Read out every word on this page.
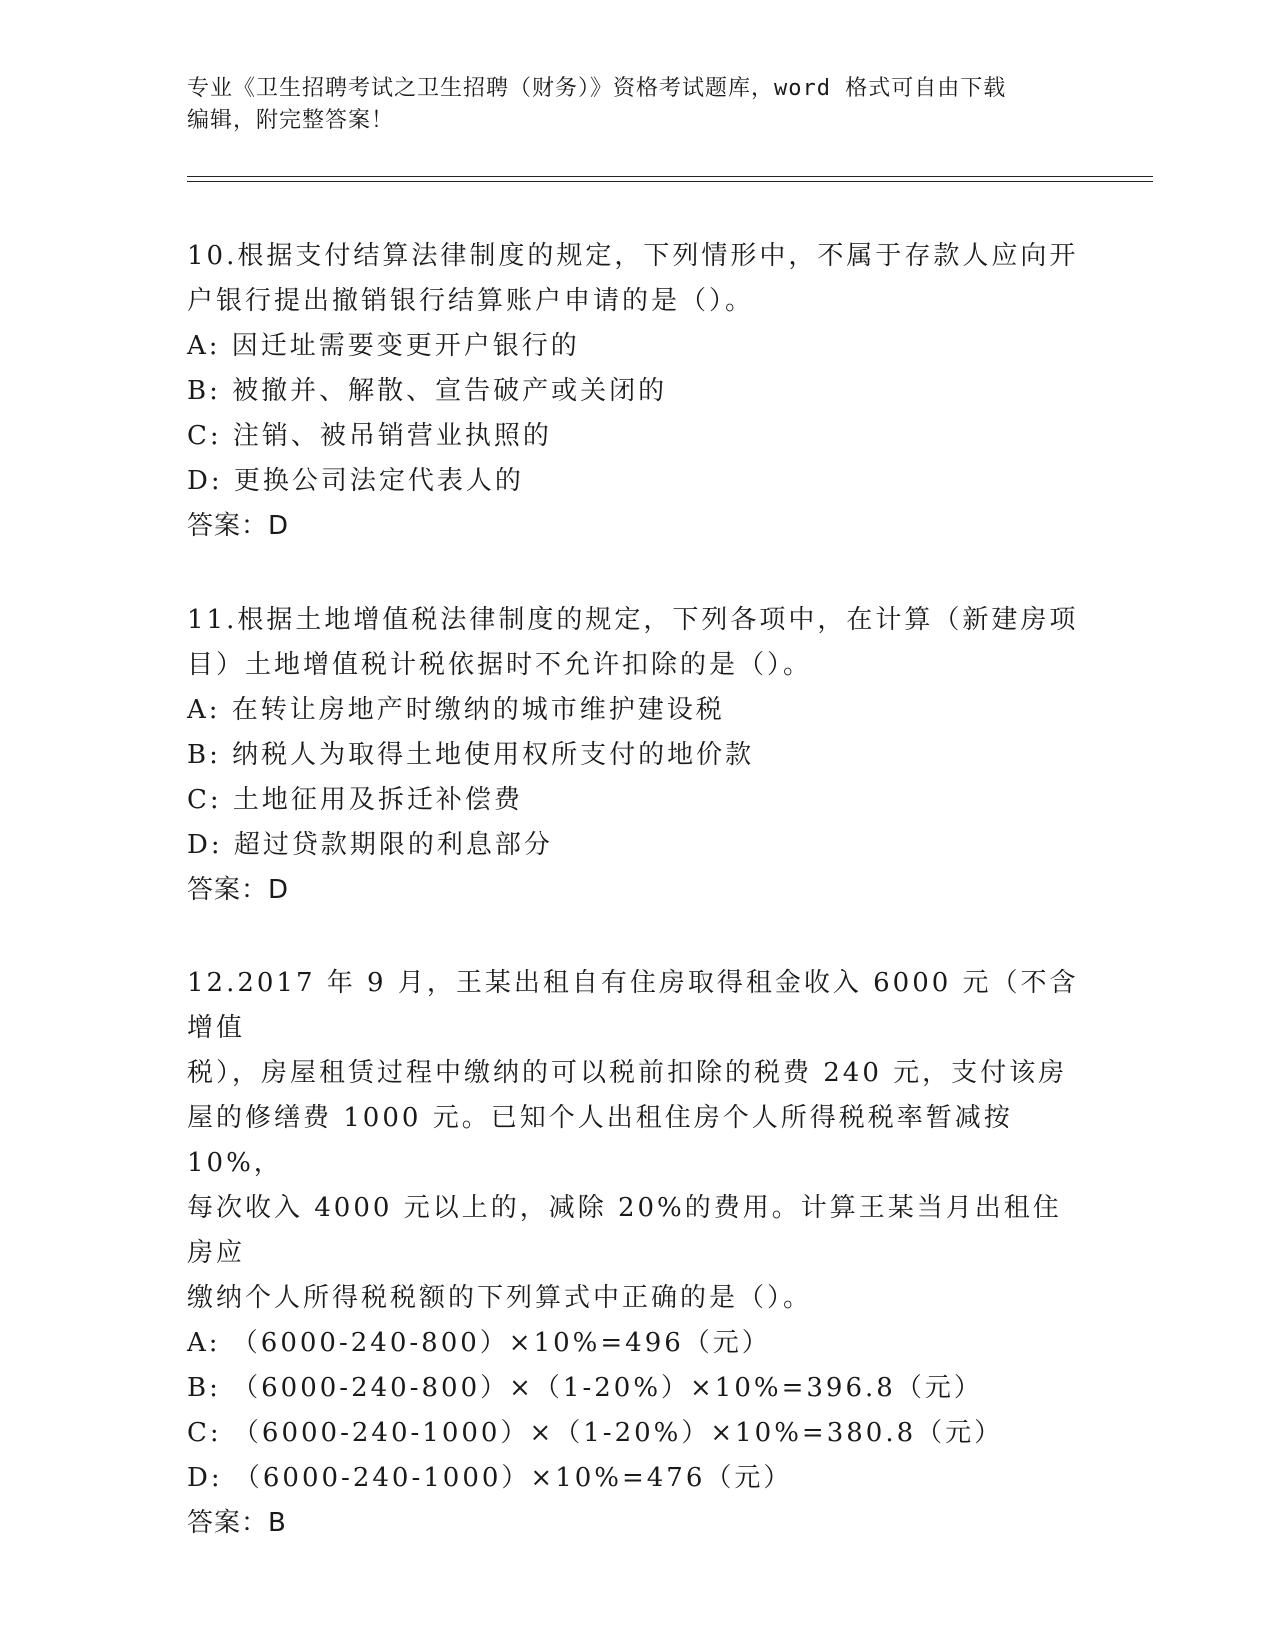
专业《卫生招聘考试之卫生招聘（财务）》资格考试题库，word 格式可自由下载
编辑，附完整答案！

10.根据支付结算法律制度的规定，下列情形中，不属于存款人应向开

户银行提出撤销银行结算账户申请的是（）。

A: 因迁址需要变更开户银行的

B: 被撤并、解散、宣告破产或关闭的

C: 注销、被吊销营业执照的

D: 更换公司法定代表人的

答案：D

11.根据土地增值税法律制度的规定，下列各项中，在计算（新建房项

目）土地增值税计税依据时不允许扣除的是（）。

A: 在转让房地产时缴纳的城市维护建设税

B: 纳税人为取得土地使用权所支付的地价款

C: 土地征用及拆迁补偿费

D: 超过贷款期限的利息部分

答案：D

12.2017 年 9 月，王某出租自有住房取得租金收入 6000 元（不含增值

税），房屋租赁过程中缴纳的可以税前扣除的税费 240 元，支付该房

屋的修缮费 1000 元。已知个人出租住房个人所得税税率暂减按 10%，

每次收入 4000 元以上的，减除 20%的费用。计算王某当月出租住房应

缴纳个人所得税税额的下列算式中正确的是（）。

A: （6000-240-800）×10%=496（元）

B: （6000-240-800）×（1-20%）×10%=396.8（元）

C: （6000-240-1000）×（1-20%）×10%=380.8（元）

D: （6000-240-1000）×10%=476（元）

答案：B
